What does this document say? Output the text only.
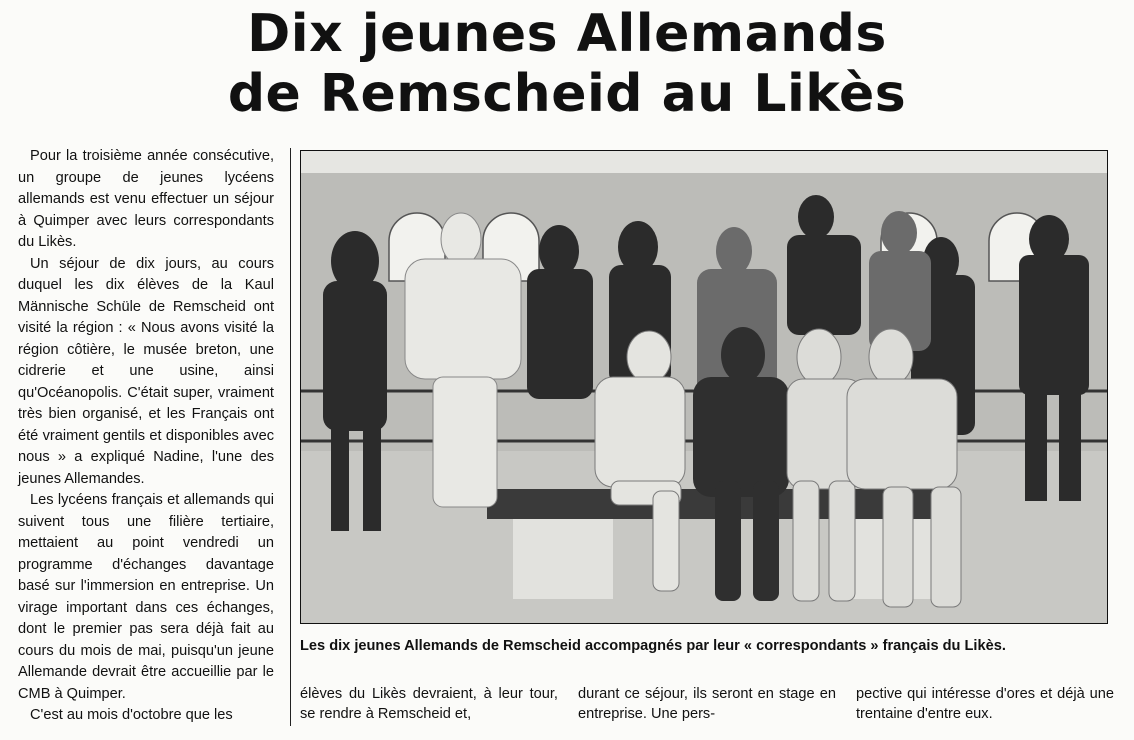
Dix jeunes Allemands
de Remscheid au Likès

Pour la troisième année consécutive, un groupe de jeunes lycéens allemands est venu effectuer un séjour à Quimper avec leurs correspondants du Likès.

Un séjour de dix jours, au cours duquel les dix élèves de la Kaul Männische Schüle de Remscheid ont visité la région : « Nous avons visité la région côtière, le musée breton, une cidrerie et une usine, ainsi qu'Océanopolis. C'était super, vraiment très bien organisé, et les Français ont été vraiment gentils et disponibles avec nous » a expliqué Nadine, l'une des jeunes Allemandes.

Les lycéens français et allemands qui suivent tous une filière tertiaire, mettaient au point vendredi un programme d'échanges davantage basé sur l'immersion en entreprise. Un virage important dans ces échanges, dont le premier pas sera déjà fait au cours du mois de mai, puisqu'un jeune Allemande devrait être accueillie par le CMB à Quimper.

C'est au mois d'octobre que les

Les dix jeunes Allemands de Remscheid accompagnés par leur « correspondants » français du Likès.

élèves du Likès devraient, à leur tour, se rendre à Remscheid et,

durant ce séjour, ils seront en stage en entreprise. Une pers-

pective qui intéresse d'ores et déjà une trentaine d'entre eux.
